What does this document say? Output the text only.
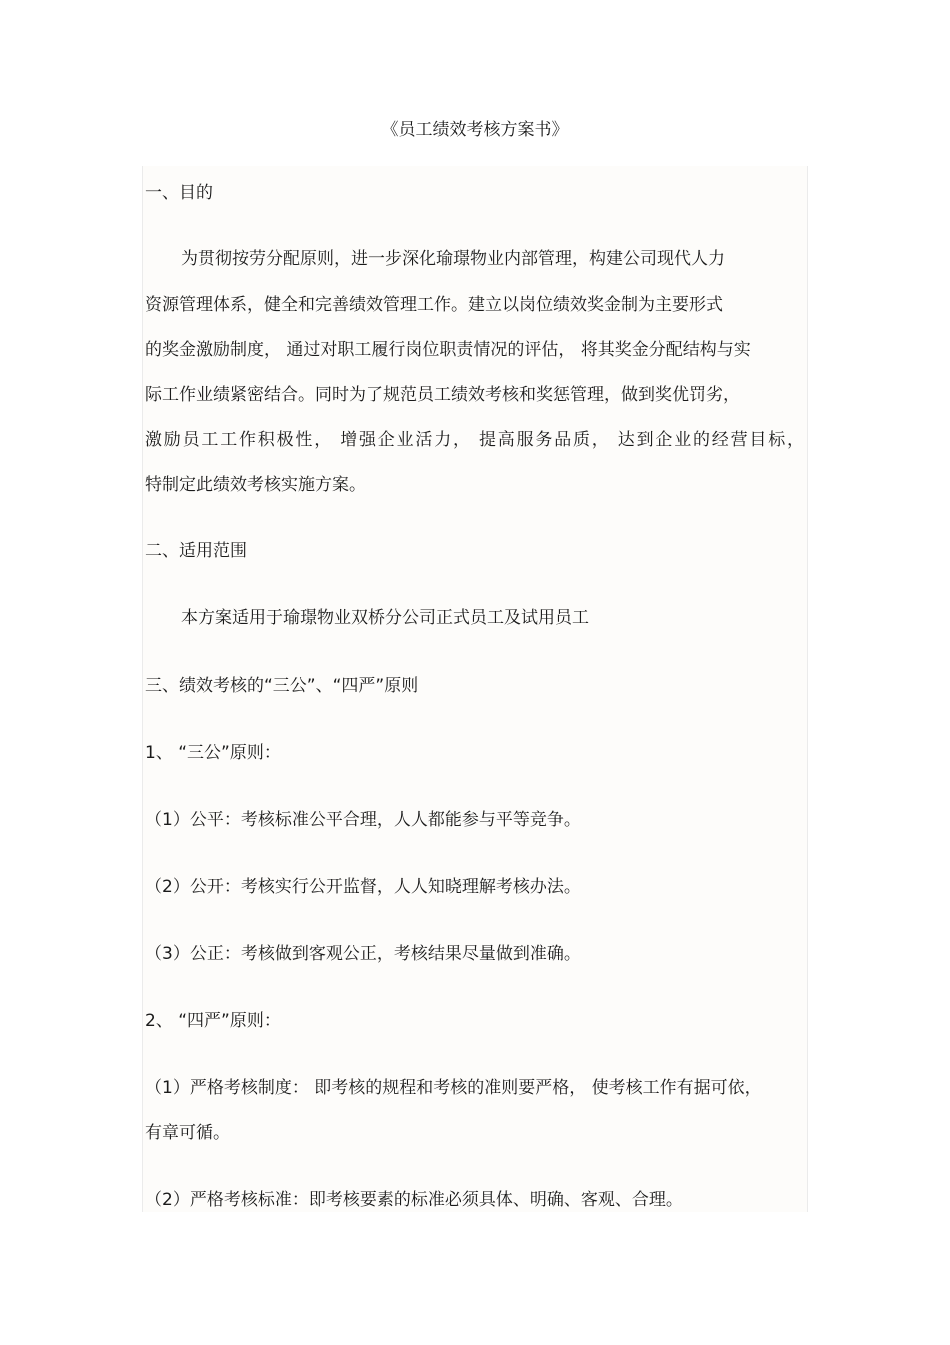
《员工绩效考核方案书》
一、目的
为贯彻按劳分配原则，进一步深化瑜璟物业内部管理，构建公司现代人力
资源管理体系，健全和完善绩效管理工作。建立以岗位绩效奖金制为主要形式
的奖金激励制度， 通过对职工履行岗位职责情况的评估， 将其奖金分配结构与实
际工作业绩紧密结合。同时为了规范员工绩效考核和奖惩管理，做到奖优罚劣，
激励员工工作积极性， 增强企业活力， 提高服务品质， 达到企业的经营目标，
特制定此绩效考核实施方案。
二、适用范围
本方案适用于瑜璟物业双桥分公司正式员工及试用员工
三、绩效考核的“三公”、“四严”原则
1、 “三公”原则：
（1）公平：考核标准公平合理，人人都能参与平等竞争。
（2）公开：考核实行公开监督，人人知晓理解考核办法。
（3）公正：考核做到客观公正，考核结果尽量做到准确。
2、 “四严”原则：
（1）严格考核制度： 即考核的规程和考核的准则要严格， 使考核工作有据可依，
有章可循。
（2）严格考核标准：即考核要素的标准必须具体、明确、客观、合理。
